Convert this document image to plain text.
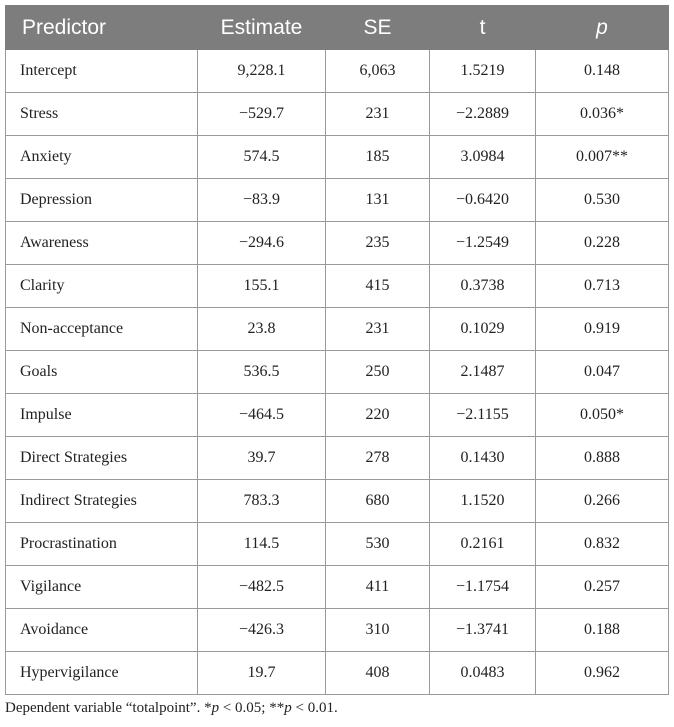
Predictor	Estimate	SE	t	p
Intercept	9,228.1	6,063	1.5219	0.148
Stress	−529.7	231	−2.2889	0.036*
Anxiety	574.5	185	3.0984	0.007**
Depression	−83.9	131	−0.6420	0.530
Awareness	−294.6	235	−1.2549	0.228
Clarity	155.1	415	0.3738	0.713
Non-acceptance	23.8	231	0.1029	0.919
Goals	536.5	250	2.1487	0.047
Impulse	−464.5	220	−2.1155	0.050*
Direct Strategies	39.7	278	0.1430	0.888
Indirect Strategies	783.3	680	1.1520	0.266
Procrastination	114.5	530	0.2161	0.832
Vigilance	−482.5	411	−1.1754	0.257
Avoidance	−426.3	310	−1.3741	0.188
Hypervigilance	19.7	408	0.0483	0.962
Dependent variable “totalpoint”. *p < 0.05; **p < 0.01.
